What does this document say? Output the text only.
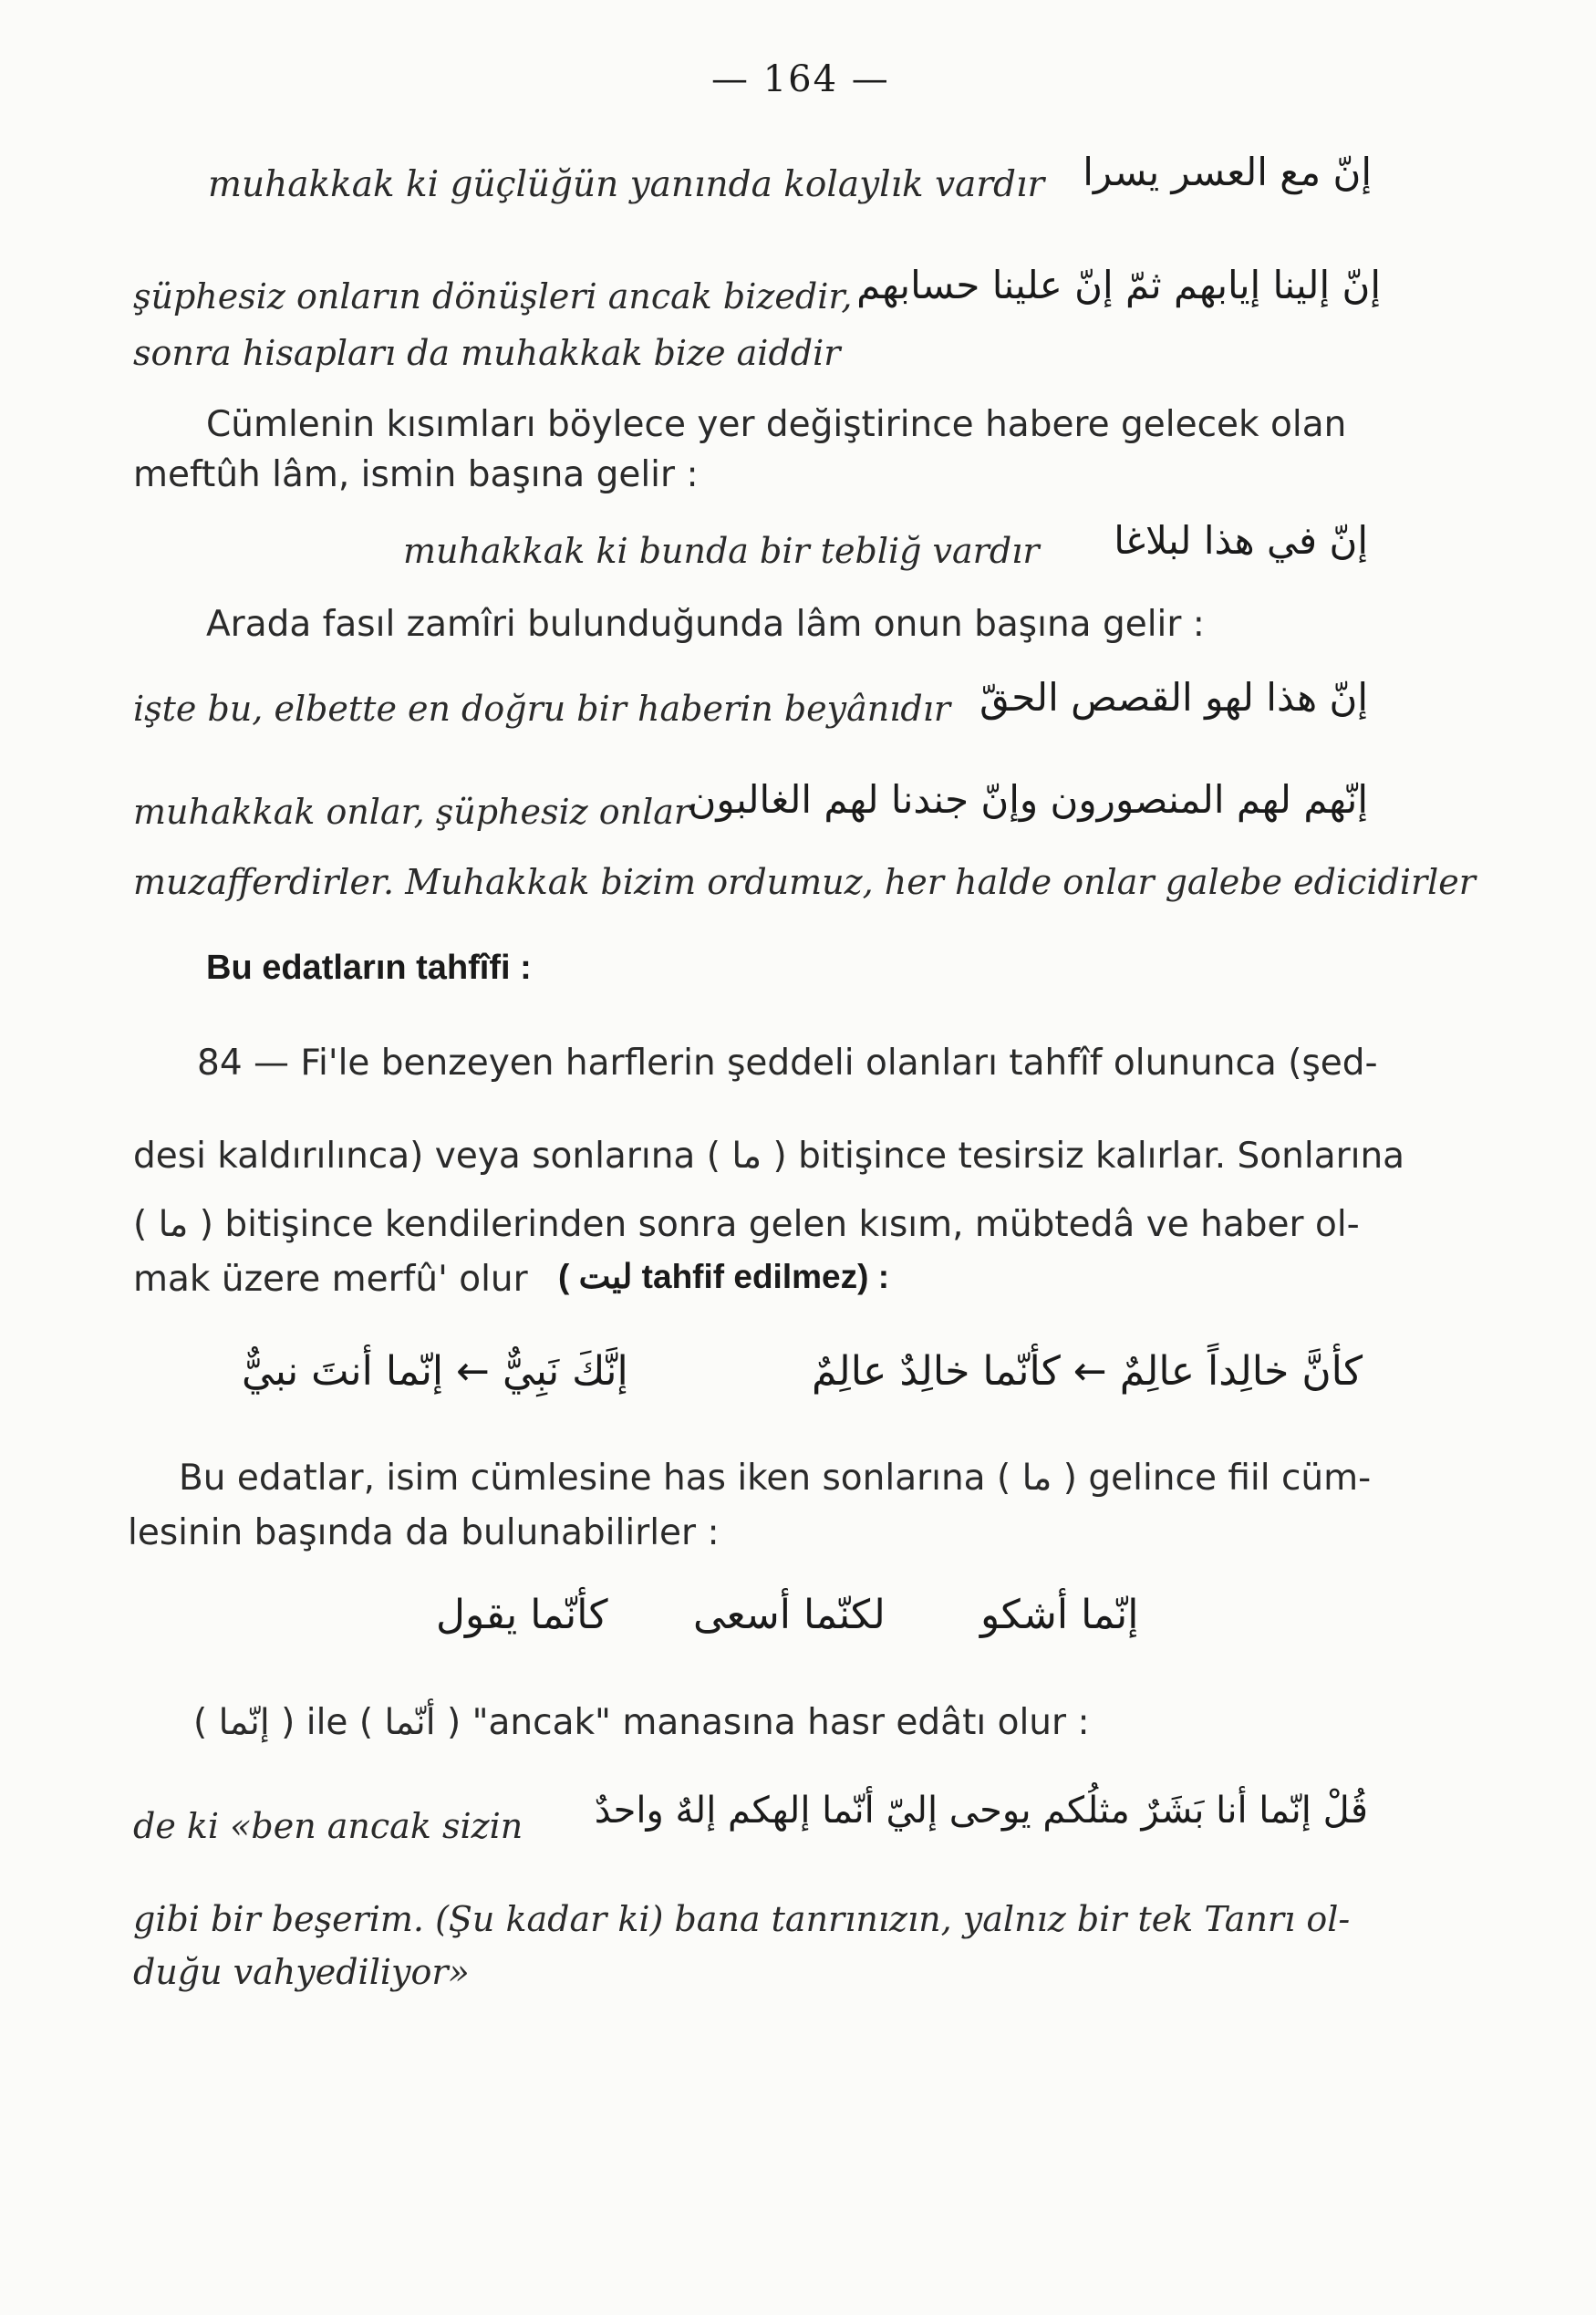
— 164 —
muhakkak ki güçlüğün yanında kolaylık vardır إنّ مع العسر يسرا
şüphesiz onların dönüşleri ancak bizedir, إنّ إلينا إيابهم ثمّ إنّ علينا حسابهم
sonra hisapları da muhakkak bize aiddir
Cümlenin kısımları böylece yer değiştirince habere gelecek olan
meftûh lâm, ismin başına gelir :
muhakkak ki bunda bir tebliğ vardır إنّ في هذا لبلاغا
Arada fasıl zamîri bulunduğunda lâm onun başına gelir :
işte bu, elbette en doğru bir haberin beyânıdır إنّ هذا لهو القصص الحقّ
muhakkak onlar, şüphesiz onlar
إنّهم لهم المنصورون وإنّ جندنا لهم الغالبون
muzafferdirler. Muhakkak bizim ordumuz, her halde onlar galebe edicidirler
Bu edatların tahfîfi :
84 — Fi'le benzeyen harflerin şeddeli olanları tahfîf olununca (şed-
desi kaldırılınca) veya sonlarına ( ما ) bitişince tesirsiz kalırlar. Sonlarına
( ما ) bitişince kendilerinden sonra gelen kısım, mübtedâ ve haber ol-
mak üzere merfû' olur ( ليت tahfif edilmez) :
إنَّكَ نَبِيٌّ ← إنّما أنتَ نبيٌّ	كأنَّ خالِداً عالِمٌ ← كأنّما خالِدٌ عالِمٌ
Bu edatlar, isim cümlesine has iken sonlarına ( ما ) gelince fiil cüm-
lesinin başında da bulunabilirler :
إنّما أشكو
لكنّما أسعى
كأنّما يقول
( إنّما ) ile ( أنّما ) "ancak" manasına hasr edâtı olur :
de ki «ben ancak sizin قُلْ إنّما أنا بَشَرٌ مثلُكم يوحى إليّ أنّما إلهكم إلهٌ واحدٌ
gibi bir beşerim. (Şu kadar ki) bana tanrınızın, yalnız bir tek Tanrı ol-
duğu vahyediliyor»
